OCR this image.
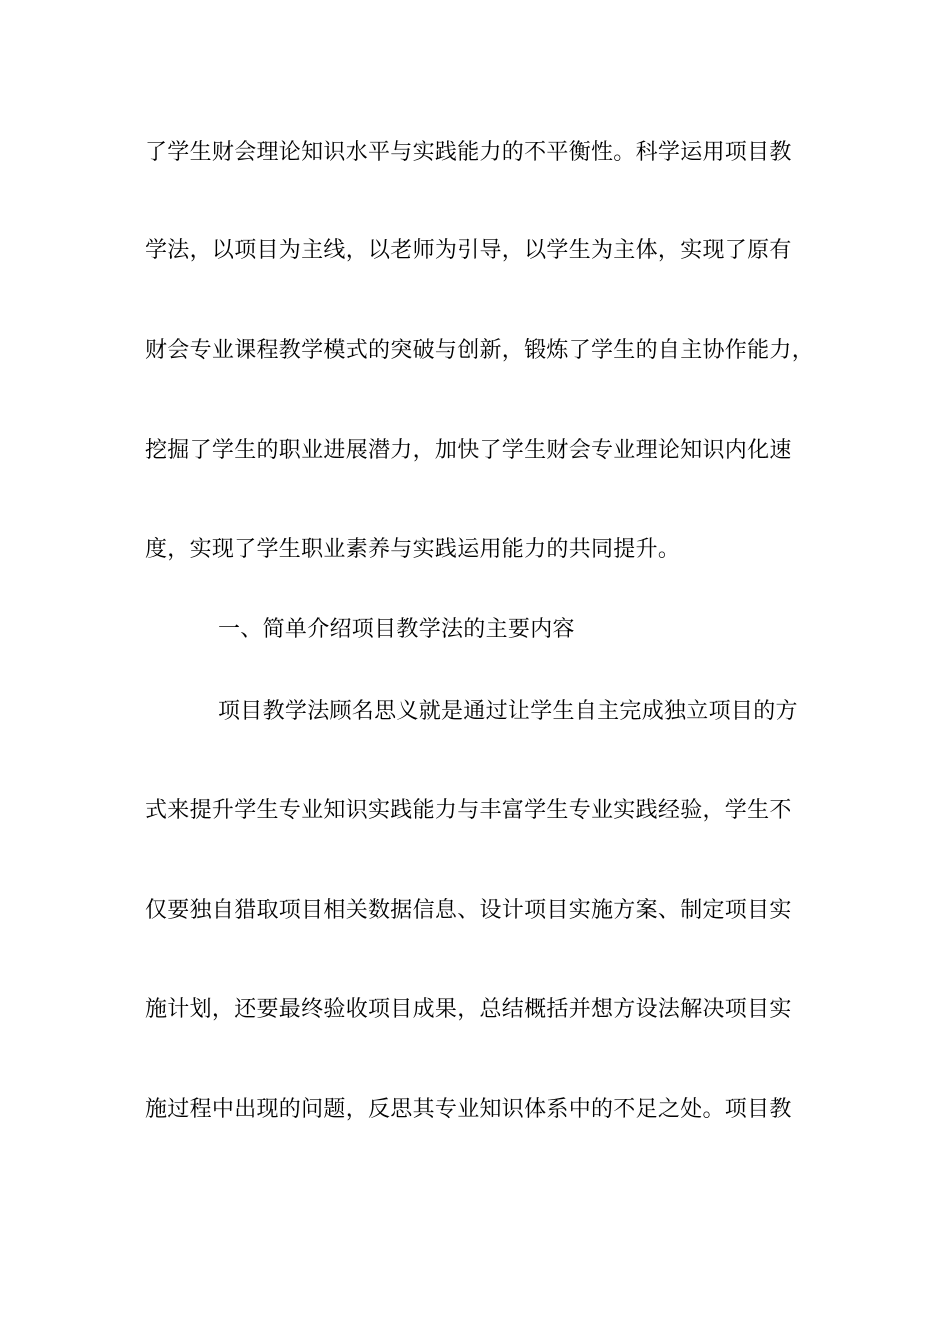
了学生财会理论知识水平与实践能力的不平衡性。科学运用项目教
学法，以项目为主线，以老师为引导，以学生为主体，实现了原有
财会专业课程教学模式的突破与创新，锻炼了学生的自主协作能力，
挖掘了学生的职业进展潜力，加快了学生财会专业理论知识内化速
度，实现了学生职业素养与实践运用能力的共同提升。
一、简单介绍项目教学法的主要内容
项目教学法顾名思义就是通过让学生自主完成独立项目的方
式来提升学生专业知识实践能力与丰富学生专业实践经验，学生不
仅要独自猎取项目相关数据信息、设计项目实施方案、制定项目实
施计划，还要最终验收项目成果，总结概括并想方设法解决项目实
施过程中出现的问题，反思其专业知识体系中的不足之处。项目教
